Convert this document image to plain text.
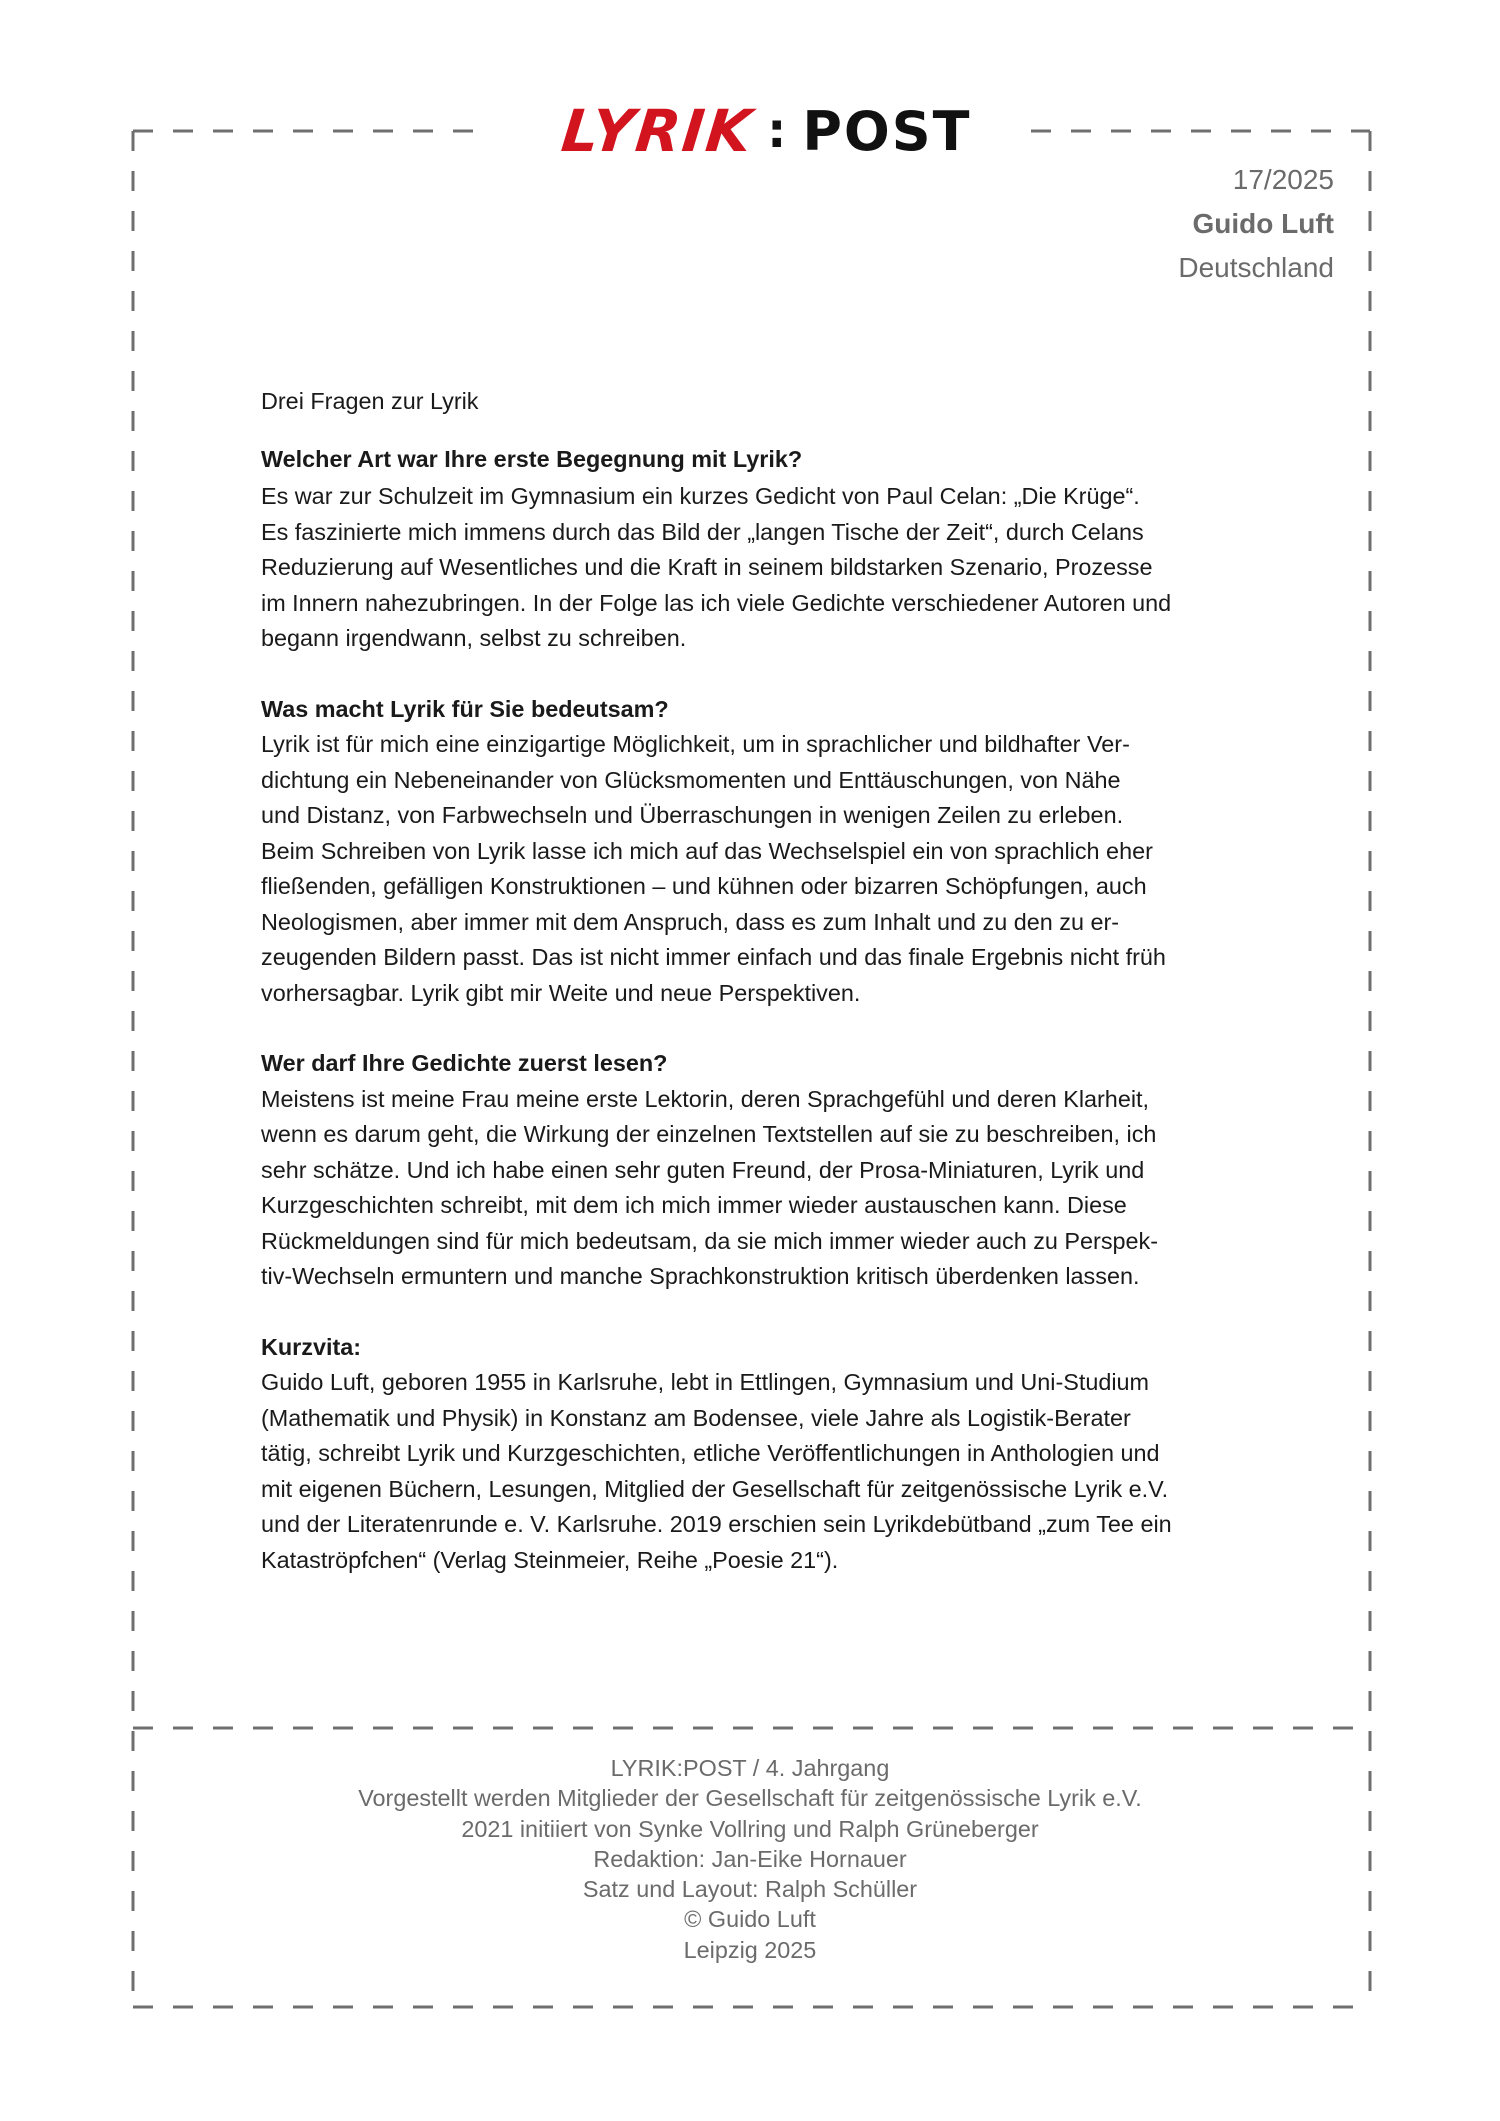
LYRIK : POST
17/2025
Guido Luft
Deutschland

Drei Fragen zur Lyrik

Welcher Art war Ihre erste Begegnung mit Lyrik?

Es war zur Schulzeit im Gymnasium ein kurzes Gedicht von Paul Celan: „Die Krüge“.
Es faszinierte mich immens durch das Bild der „langen Tische der Zeit“, durch Celans
Reduzierung auf Wesentliches und die Kraft in seinem bildstarken Szenario, Prozesse
im Innern nahezubringen. In der Folge las ich viele Gedichte verschiedener Autoren und
begann irgendwann, selbst zu schreiben.

Was macht Lyrik für Sie bedeutsam?

Lyrik ist für mich eine einzigartige Möglichkeit, um in sprachlicher und bildhafter Ver-
dichtung ein Nebeneinander von Glücksmomenten und Enttäuschungen, von Nähe
und Distanz, von Farbwechseln und Überraschungen in wenigen Zeilen zu erleben.
Beim Schreiben von Lyrik lasse ich mich auf das Wechselspiel ein von sprachlich eher
fließenden, gefälligen Konstruktionen – und kühnen oder bizarren Schöpfungen, auch
Neologismen, aber immer mit dem Anspruch, dass es zum Inhalt und zu den zu er-
zeugenden Bildern passt. Das ist nicht immer einfach und das finale Ergebnis nicht früh
vorhersagbar. Lyrik gibt mir Weite und neue Perspektiven.

Wer darf Ihre Gedichte zuerst lesen?

Meistens ist meine Frau meine erste Lektorin, deren Sprachgefühl und deren Klarheit,
wenn es darum geht, die Wirkung der einzelnen Textstellen auf sie zu beschreiben, ich
sehr schätze. Und ich habe einen sehr guten Freund, der Prosa-Miniaturen, Lyrik und
Kurzgeschichten schreibt, mit dem ich mich immer wieder austauschen kann. Diese
Rückmeldungen sind für mich bedeutsam, da sie mich immer wieder auch zu Perspek-
tiv-Wechseln ermuntern und manche Sprachkonstruktion kritisch überdenken lassen.

Kurzvita:

Guido Luft, geboren 1955 in Karlsruhe, lebt in Ettlingen, Gymnasium und Uni-Studium
(Mathematik und Physik) in Konstanz am Bodensee, viele Jahre als Logistik-Berater
tätig, schreibt Lyrik und Kurzgeschichten, etliche Veröffentlichungen in Anthologien und
mit eigenen Büchern, Lesungen, Mitglied der Gesellschaft für zeitgenössische Lyrik e.V.
und der Literatenrunde e. V. Karlsruhe. 2019 erschien sein Lyrikdebütband „zum Tee ein
Kataströpfchen“ (Verlag Steinmeier, Reihe „Poesie 21“).

LYRIK:POST / 4. Jahrgang
Vorgestellt werden Mitglieder der Gesellschaft für zeitgenössische Lyrik e.V.
2021 initiiert von Synke Vollring und Ralph Grüneberger
Redaktion: Jan-Eike Hornauer
Satz und Layout: Ralph Schüller
© Guido Luft
Leipzig 2025
